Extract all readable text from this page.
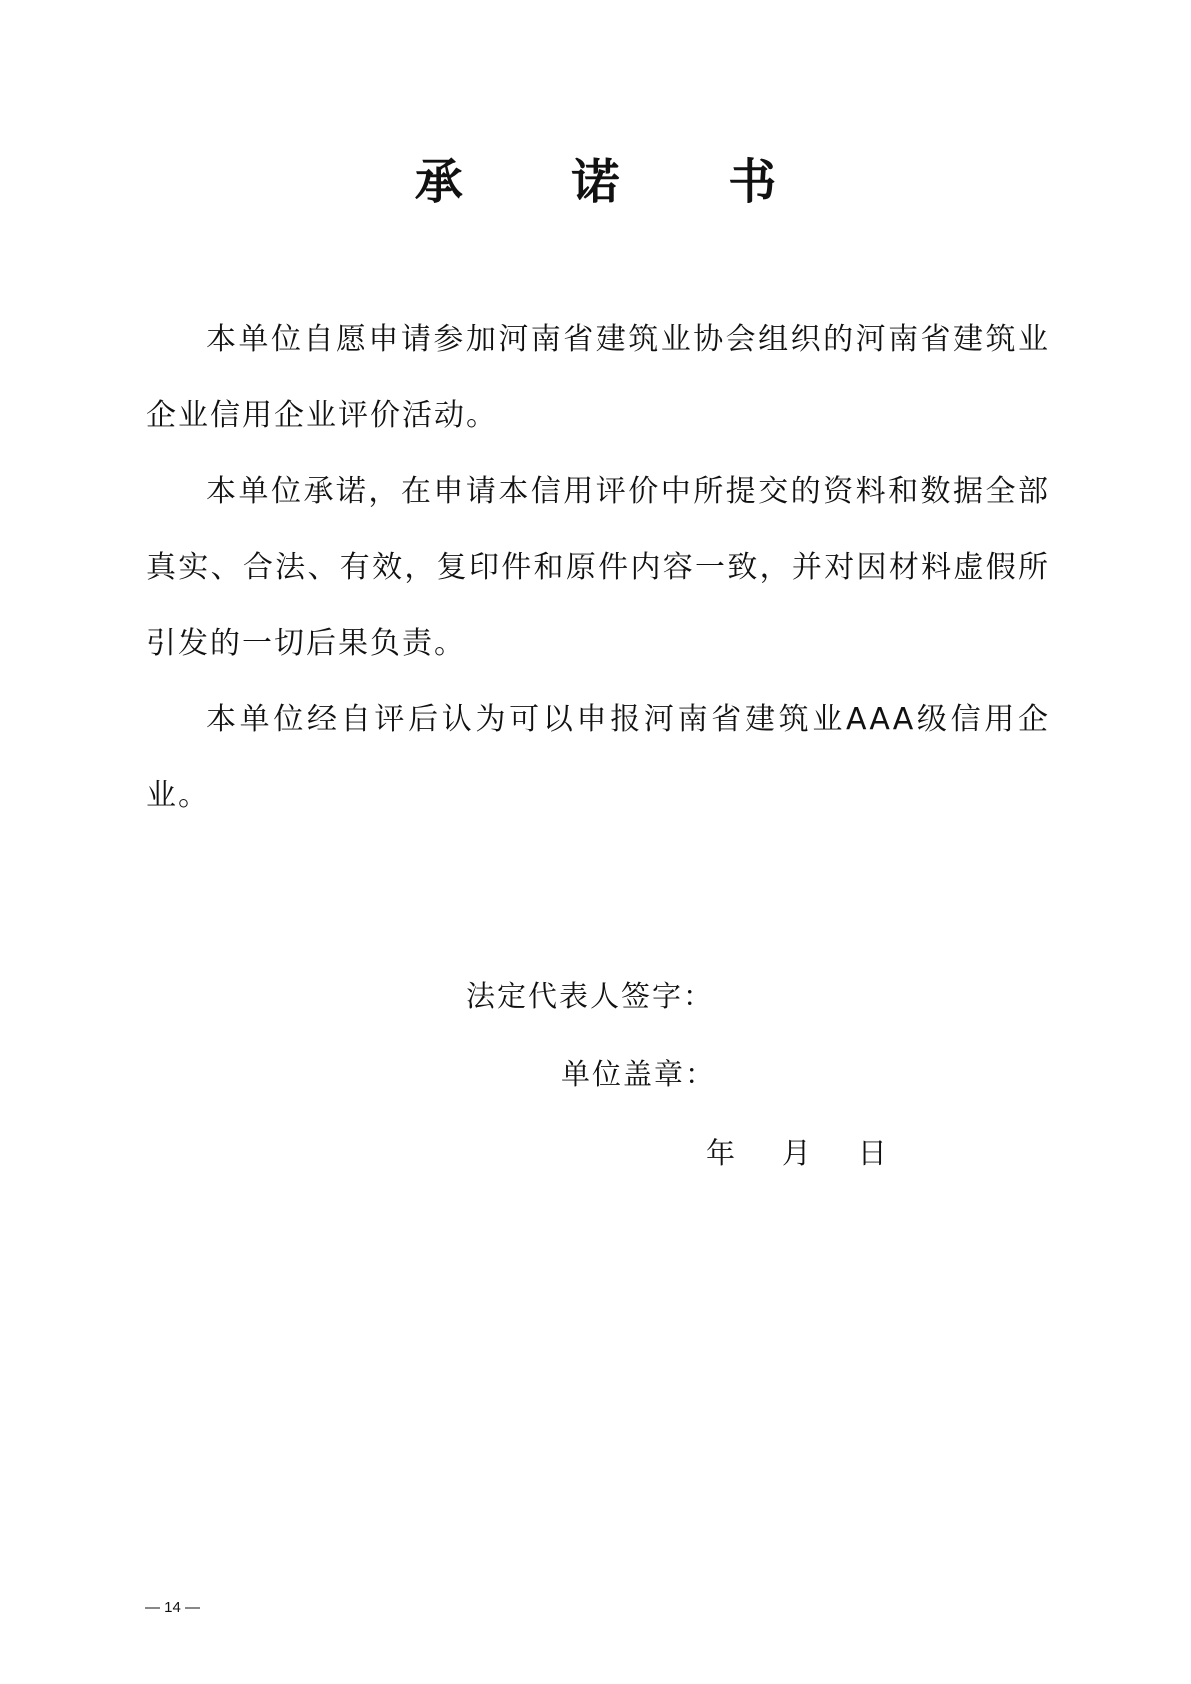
承 诺 书

本单位自愿申请参加河南省建筑业协会组织的河南省建筑业企业信用企业评价活动。

本单位承诺，在申请本信用评价中所提交的资料和数据全部真实、合法、有效，复印件和原件内容一致，并对因材料虚假所引发的一切后果负责。

本单位经自评后认为可以申报河南省建筑业AAA级信用企业。

法定代表人签字：
单位盖章：
年    月    日
— 14 —
